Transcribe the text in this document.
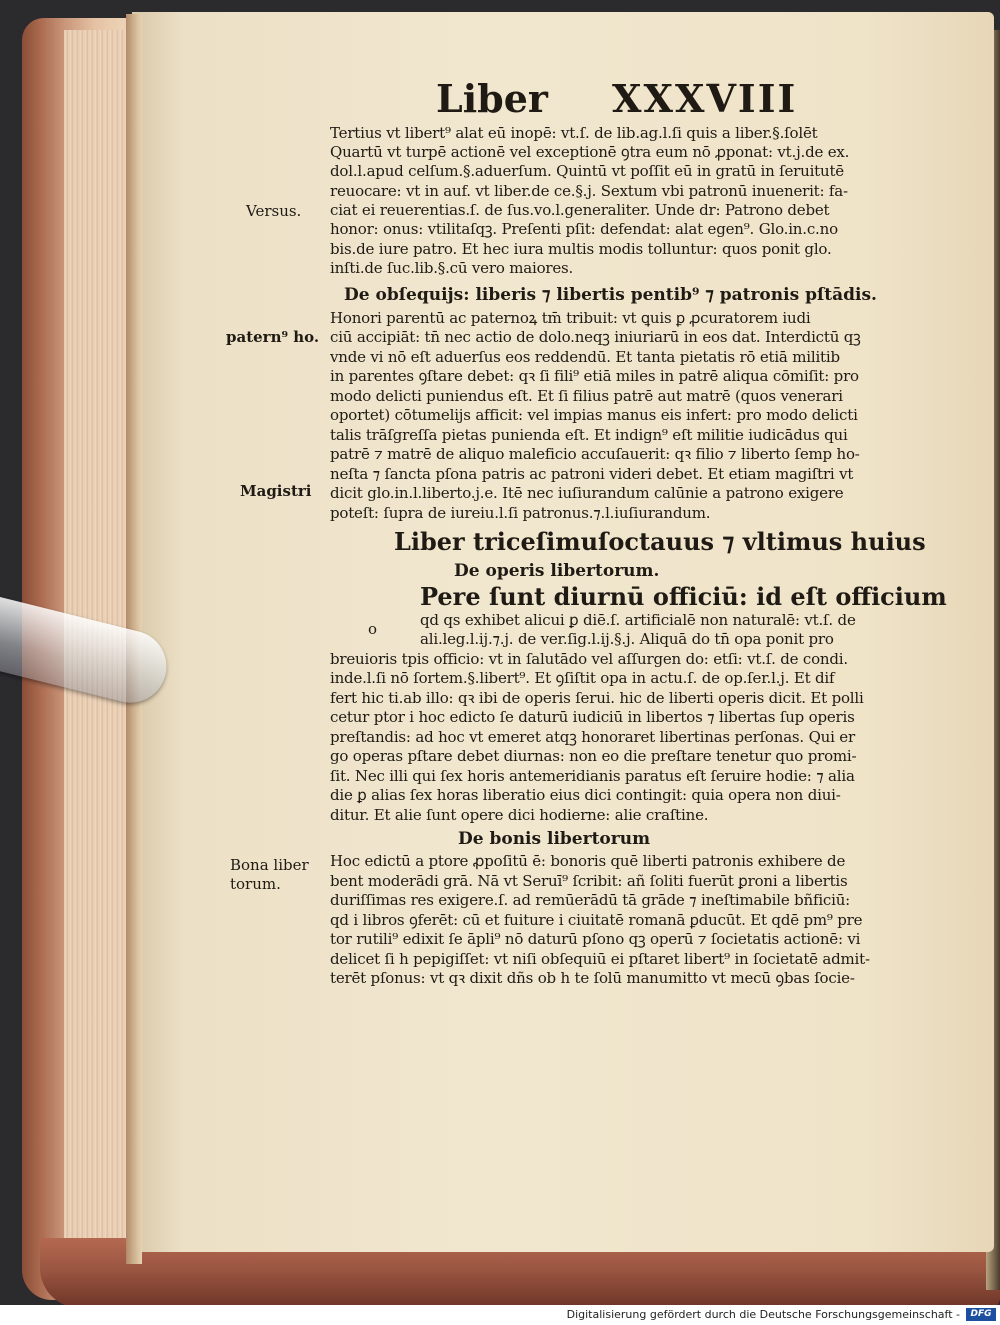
Liber XXXVIII
Tertius vt libert⁹ alat eū inopē: vt.ſ. de lib.ag.l.ſi quis a liber.§.ſolēt
Quartū vt turpē actionē vel exceptionē ꝯtra eum nō ꝓponat: vt.j.de ex.
dol.l.apud celſum.§.aduerſum. Quintū vt poſſit eū in gratū in ſeruitutē
reuocare: vt in auf. vt liber.de ce.§.j. Sextum vbi patronū inuenerit: fa-
ciat ei reuerentias.ſ. de ſus.vo.l.generaliter. Unde dr: Patrono debet
honor: onus: vtilitaſqꝫ. Preſenti pſit: defendat: alat egen⁹. Glo.in.c.no
bis.de iure patro. Et hec iura multis modis tolluntur: quos ponit glo.
inſti.de ſuc.lib.§.cū vero maiores.
Versus.
De obſequijs: liberis ⁊ libertis pentib⁹ ⁊ patronis pſtādis.
Honori parentū ac paternoꝝ tm̄ tribuit: vt ꝗuis ꝑ ꝓcuratorem iudi
ciū accipiāt: tn̄ nec actio de dolo.neqꝫ iniuriarū in eos dat. Interdictū qꝫ
vnde vi nō eſt aduerſus eos reddendū. Et tanta pietatis rō etiā militib
in parentes ꝯſtare debet: qꝛ ſi fili⁹ etiā miles in patrē aliqua cōmiſit: pro
modo delicti puniendus eſt. Et ſi filius patrē aut matrē (quos venerari
oportet) cōtumelijs afficit: vel impias manus eis infert: pro modo delicti
talis trāſgreſſa pietas punienda eſt. Et indign⁹ eſt militie iudicādus qui
patrē ⁊ matrē de aliquo maleficio accuſauerit: qꝛ filio ⁊ liberto ſemp ho-
neſta ⁊ ſancta pſona patris ac patroni videri debet. Et etiam magiſtri vt
dicit glo.in.l.liberto.j.e. Itē nec iuſiurandum calūnie a patrono exigere
poteſt: ſupra de iureiu.l.ſi patronus.⁊.l.iuſiurandum.
patern⁹ ho.
Magistri
Liber triceſimuſoctauus ⁊ vltimus huius
De operis libertorum.
Pere ſunt diurnū officiū: id eſt officium
o	qd qs exhibet alicui ꝑ diē.ſ. artificialē non naturalē: vt.ſ. de
ali.leg.l.ij.⁊.j. de ver.ſig.l.ij.§.j. Aliquā do tn̄ opa ponit pro
breuioris tpis officio: vt in ſalutādo vel aſſurgen do: etſi: vt.ſ. de condi.
inde.l.ſi nō ſortem.§.libert⁹. Et ꝯſiſtit opa in actu.ſ. de op.ſer.l.j. Et dif
fert hic ti.ab illo: qꝛ ibi de operis ſerui. hic de liberti operis dicit. Et polli
cetur ptor i hoc edicto ſe daturū iudiciū in libertos ⁊ libertas ſup operis
preſtandis: ad hoc vt emeret atqꝫ honoraret libertinas perſonas. Qui er
go operas pſtare debet diurnas: non eo die preſtare tenetur quo promi-
ſit. Nec illi qui ſex horis antemeridianis paratus eſt ſeruire hodie: ⁊ alia
die ꝑ alias ſex horas liberatio eius dici contingit: quia opera non diui-
ditur. Et alie ſunt opere dici hodierne: alie craſtine.
De bonis libertorum
Hoc edictū a ptore ꝓpoſitū ē: bonoris quē liberti patronis exhibere de
bent moderādi grā. Nā vt Seruī⁹ ſcribit: añ ſoliti fuerūt ꝑroni a libertis
duriſſimas res exigere.ſ. ad remūerādū tā grāde ⁊ ineſtimabile bñficiū:
qd i libros ꝯferēt: cū et fuiture i ciuitatē romanā ꝑducūt. Et qdē pm⁹ pre
tor rutili⁹ edixit ſe āpli⁹ nō daturū pſono qꝫ operū ⁊ ſocietatis actionē: vi
delicet ſi h pepigiſſet: vt niſi obſequiū ei pſtaret libert⁹ in ſocietatē admit-
terēt pſonus: vt qꝛ dixit dñs ob h te ſolū manumitto vt mecū ꝯbas ſocie-
Bona liber
torum.
Digitalisierung gefördert durch die Deutsche Forschungsgemeinschaft -	DFG
